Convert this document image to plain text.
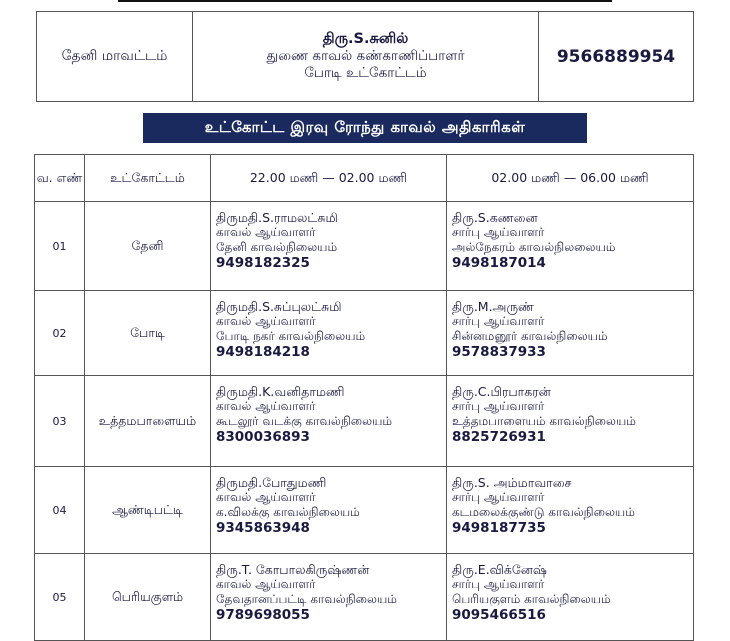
தேனி மாவட்டம்	
திரு.S.சுனில்
துணை காவல் கண்காணிப்பாளர்
போடி உட்கோட்டம்
	9566889954
உட்கோட்ட இரவு ரோந்து காவல் அதிகாரிகள்
வ. எண்	உட்கோட்டம்	22.00 மணி — 02.00 மணி	02.00 மணி — 06.00 மணி
01	தேனி	திருமதி.S.ராமலட்சுமி
காவல் ஆய்வாளர்
தேனி காவல்நிலையம்
9498182325	திரு.S.கணனை
சார்பு ஆய்வாளர்
அல்நேகரம் காவல்நிலலையம்
9498187014

02	போடி	திருமதி.S.சுப்புலட்சுமி
காவல் ஆய்வாளர்
போடி நகர் காவல்நிலையம்
9498184218	திரு.M.அருண்
சார்பு ஆய்வாளர்
சின்னமனூர் காவல்நிலையம்
9578837933

03	உத்தமபாளையம்	திருமதி.K.வனிதாமணி
காவல் ஆய்வாளர்
கூடலூர் வடக்கு காவல்நிலையம்
8300036893	திரு.C.பிரபாகரன்
சார்பு ஆய்வாளர்
உத்தமபாளையம் காவல்நிலையம்
8825726931

04	ஆண்டிபட்டி	திருமதி.போதுமணி
காவல் ஆய்வாளர்
க.விலக்கு காவல்நிலையம்
9345863948	திரு.S. அம்மாவாசை
சார்பு ஆய்வாளர்
கடமலைக்குண்டு காவல்நிலையம்
9498187735

05	பெரியகுளம்	திரு.T. கோபாலகிருஷ்ணன்
காவல் ஆய்வாளர்
தேவதானப்பட்டி காவல்நிலையம்
9789698055	திரு.E.விக்னேஷ்
சார்பு ஆய்வாளர்
பெரியகுளம் காவல்நிலையம்
9095466516
